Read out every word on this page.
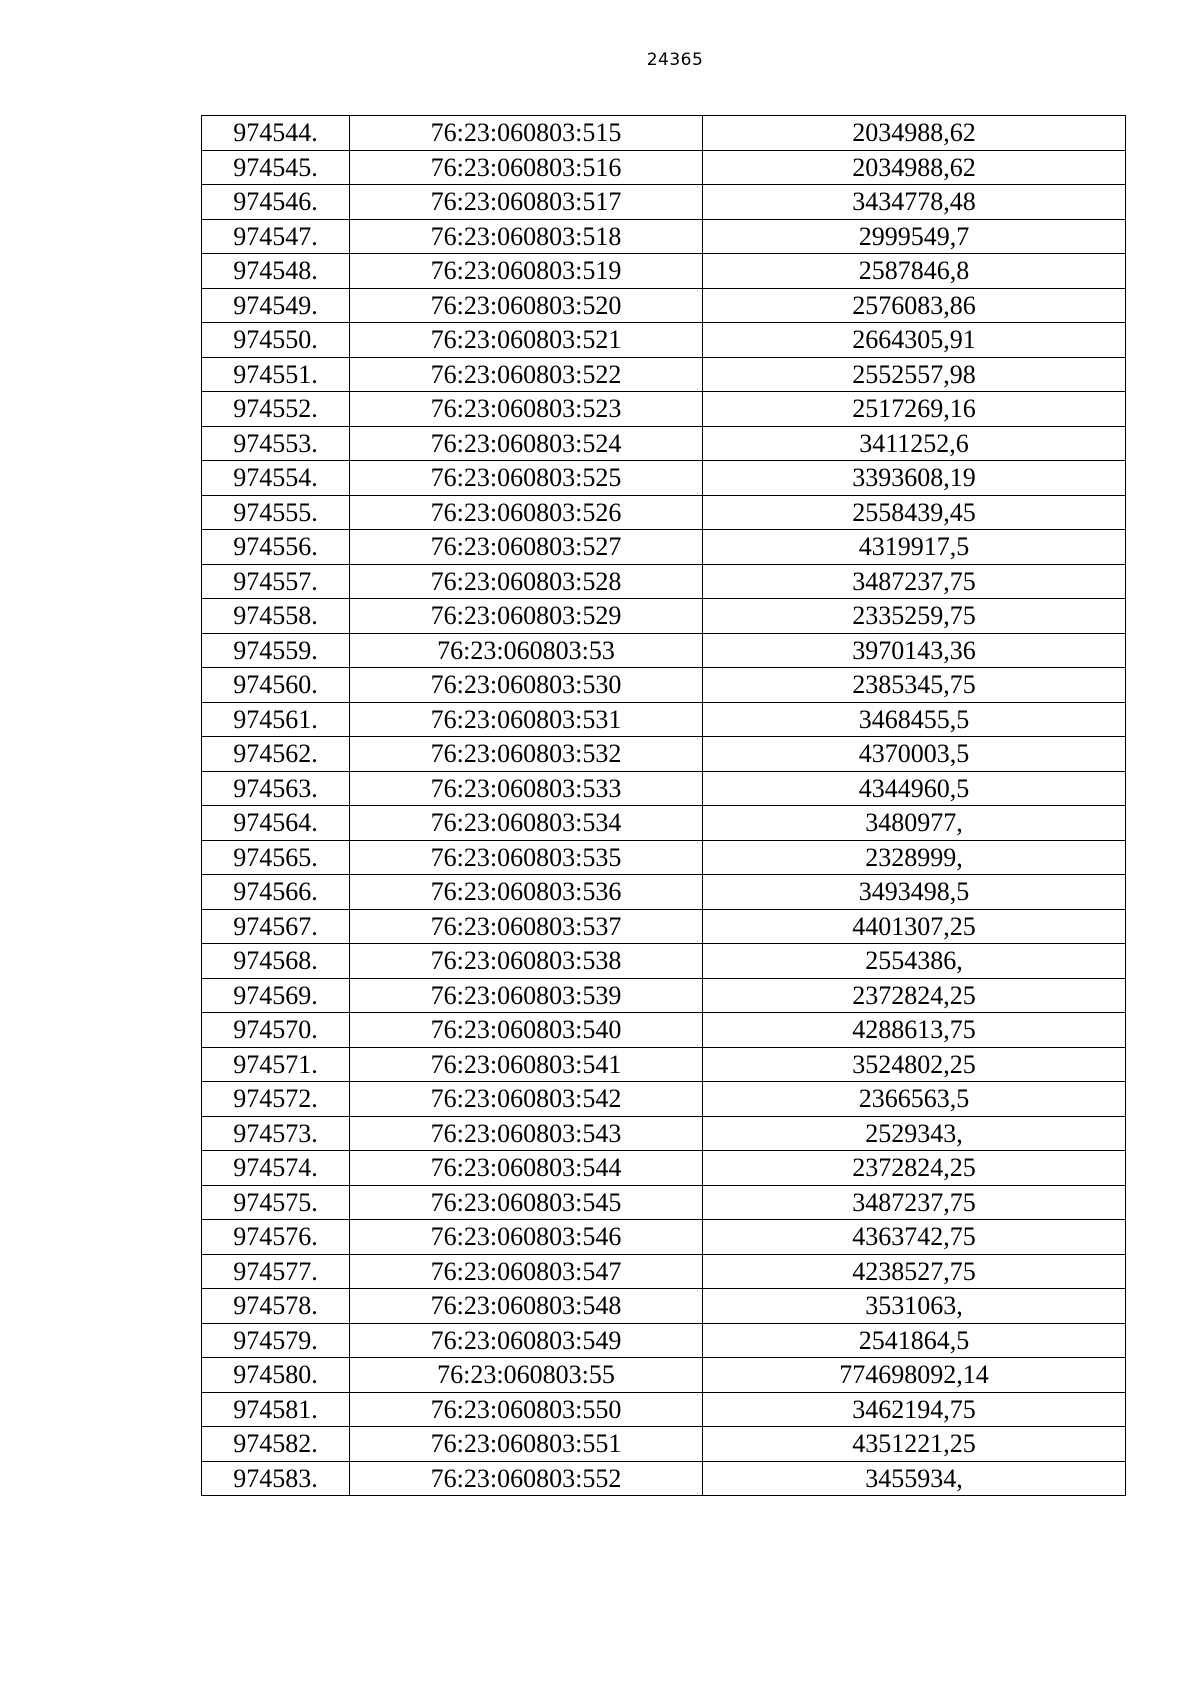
24365
974544.	76:23:060803:515	2034988,62
974545.	76:23:060803:516	2034988,62
974546.	76:23:060803:517	3434778,48
974547.	76:23:060803:518	2999549,7
974548.	76:23:060803:519	2587846,8
974549.	76:23:060803:520	2576083,86
974550.	76:23:060803:521	2664305,91
974551.	76:23:060803:522	2552557,98
974552.	76:23:060803:523	2517269,16
974553.	76:23:060803:524	3411252,6
974554.	76:23:060803:525	3393608,19
974555.	76:23:060803:526	2558439,45
974556.	76:23:060803:527	4319917,5
974557.	76:23:060803:528	3487237,75
974558.	76:23:060803:529	2335259,75
974559.	76:23:060803:53	3970143,36
974560.	76:23:060803:530	2385345,75
974561.	76:23:060803:531	3468455,5
974562.	76:23:060803:532	4370003,5
974563.	76:23:060803:533	4344960,5
974564.	76:23:060803:534	3480977,
974565.	76:23:060803:535	2328999,
974566.	76:23:060803:536	3493498,5
974567.	76:23:060803:537	4401307,25
974568.	76:23:060803:538	2554386,
974569.	76:23:060803:539	2372824,25
974570.	76:23:060803:540	4288613,75
974571.	76:23:060803:541	3524802,25
974572.	76:23:060803:542	2366563,5
974573.	76:23:060803:543	2529343,
974574.	76:23:060803:544	2372824,25
974575.	76:23:060803:545	3487237,75
974576.	76:23:060803:546	4363742,75
974577.	76:23:060803:547	4238527,75
974578.	76:23:060803:548	3531063,
974579.	76:23:060803:549	2541864,5
974580.	76:23:060803:55	774698092,14
974581.	76:23:060803:550	3462194,75
974582.	76:23:060803:551	4351221,25
974583.	76:23:060803:552	3455934,
